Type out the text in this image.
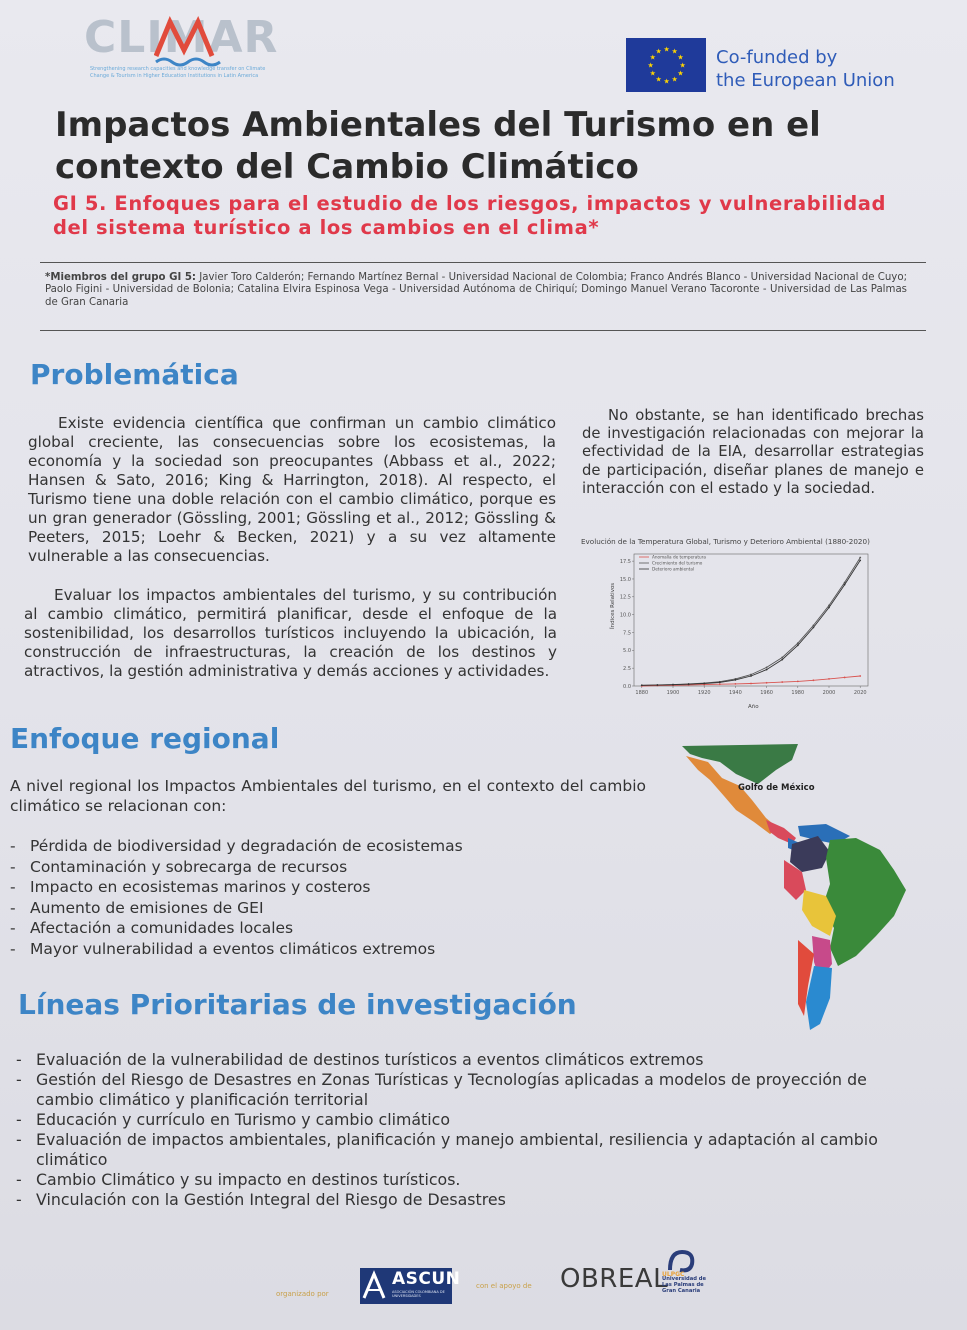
CLIMAR
Strengthening research capacities and knowledge transfer on Climate Change & Tourism in Higher Education Institutions in Latin America
★
★
★
★
★
★
★
★
★ ★ ★
★ Co-funded by
the European Union
Impactos Ambientales del Turismo en el contexto del Cambio Climático
GI 5. Enfoques para el estudio de los riesgos, impactos y vulnerabilidad del sistema turístico a los cambios en el clima*
*Miembros del grupo GI 5: Javier Toro Calderón; Fernando Martínez Bernal - Universidad Nacional de Colombia; Franco Andrés Blanco - Universidad Nacional de Cuyo; Paolo Figini - Universidad de Bolonia; Catalina Elvira Espinosa Vega - Universidad Autónoma de Chiriquí; Domingo Manuel Verano Tacoronte - Universidad de Las Palmas de Gran Canaria
Problemática

Existe evidencia científica que confirman un cambio climático global creciente, las consecuencias sobre los ecosistemas, la economía y la sociedad son preocupantes (Abbass et al., 2022; Hansen & Sato, 2016; King & Harrington, 2018). Al respecto, el Turismo tiene una doble relación con el cambio climático, porque es un gran generador (Gössling, 2001; Gössling et al., 2012; Gössling & Peeters, 2015; Loehr & Becken, 2021) y a su vez altamente vulnerable a las consecuencias.

Evaluar los impactos ambientales del turismo, y su contribución al cambio climático, permitirá planificar, desde el enfoque de la sostenibilidad, los desarrollos turísticos incluyendo la ubicación, la construcción de infraestructuras, la creación de los destinos y atractivos, la gestión administrativa y demás acciones y actividades.

No obstante, se han identificado brechas de investigación relacionadas con mejorar la efectividad de la EIA, desarrollar estrategias de participación, diseñar planes de manejo e interacción con el estado y la sociedad.

Evolución de la Temperatura Global, Turismo y Deterioro Ambiental (1880-2020)
Índices Relativos
Año
0.0
2.5
5.0
7.5
10.0
12.5
15.0
17.5
1880	1900	1920	1940	1960	1980	2000	2020
Anomalía de temperatura
Crecimiento del turismo
Deterioro ambiental
Enfoque regional

A nivel regional los Impactos Ambientales del turismo, en el contexto del cambio climático se relacionan con:

- Pérdida de biodiversidad y degradación de ecosistemas
- Contaminación y sobrecarga de recursos
- Impacto en ecosistemas marinos y costeros
- Aumento de emisiones de GEI
- Afectación a comunidades locales
- Mayor vulnerabilidad a eventos climáticos extremos
Golfo de México
Líneas Prioritarias de investigación
- Evaluación de la vulnerabilidad de destinos turísticos a eventos climáticos extremos
- Gestión del Riesgo de Desastres en Zonas Turísticas y Tecnologías aplicadas a modelos de proyección de cambio climático y planificación territorial
- Educación y currículo en Turismo y cambio climático
- Evaluación de impactos ambientales, planificación y manejo ambiental, resiliencia y adaptación al cambio climático
- Cambio Climático y su impacto en destinos turísticos.
- Vinculación con la Gestión Integral del Riesgo de Desastres
organizado por
ASCUN
ASOCIACIÓN COLOMBIANA DE UNIVERSIDADES
con el apoyo de OBREAL
ULPGC
Universidad de Las Palmas de Gran Canaria
